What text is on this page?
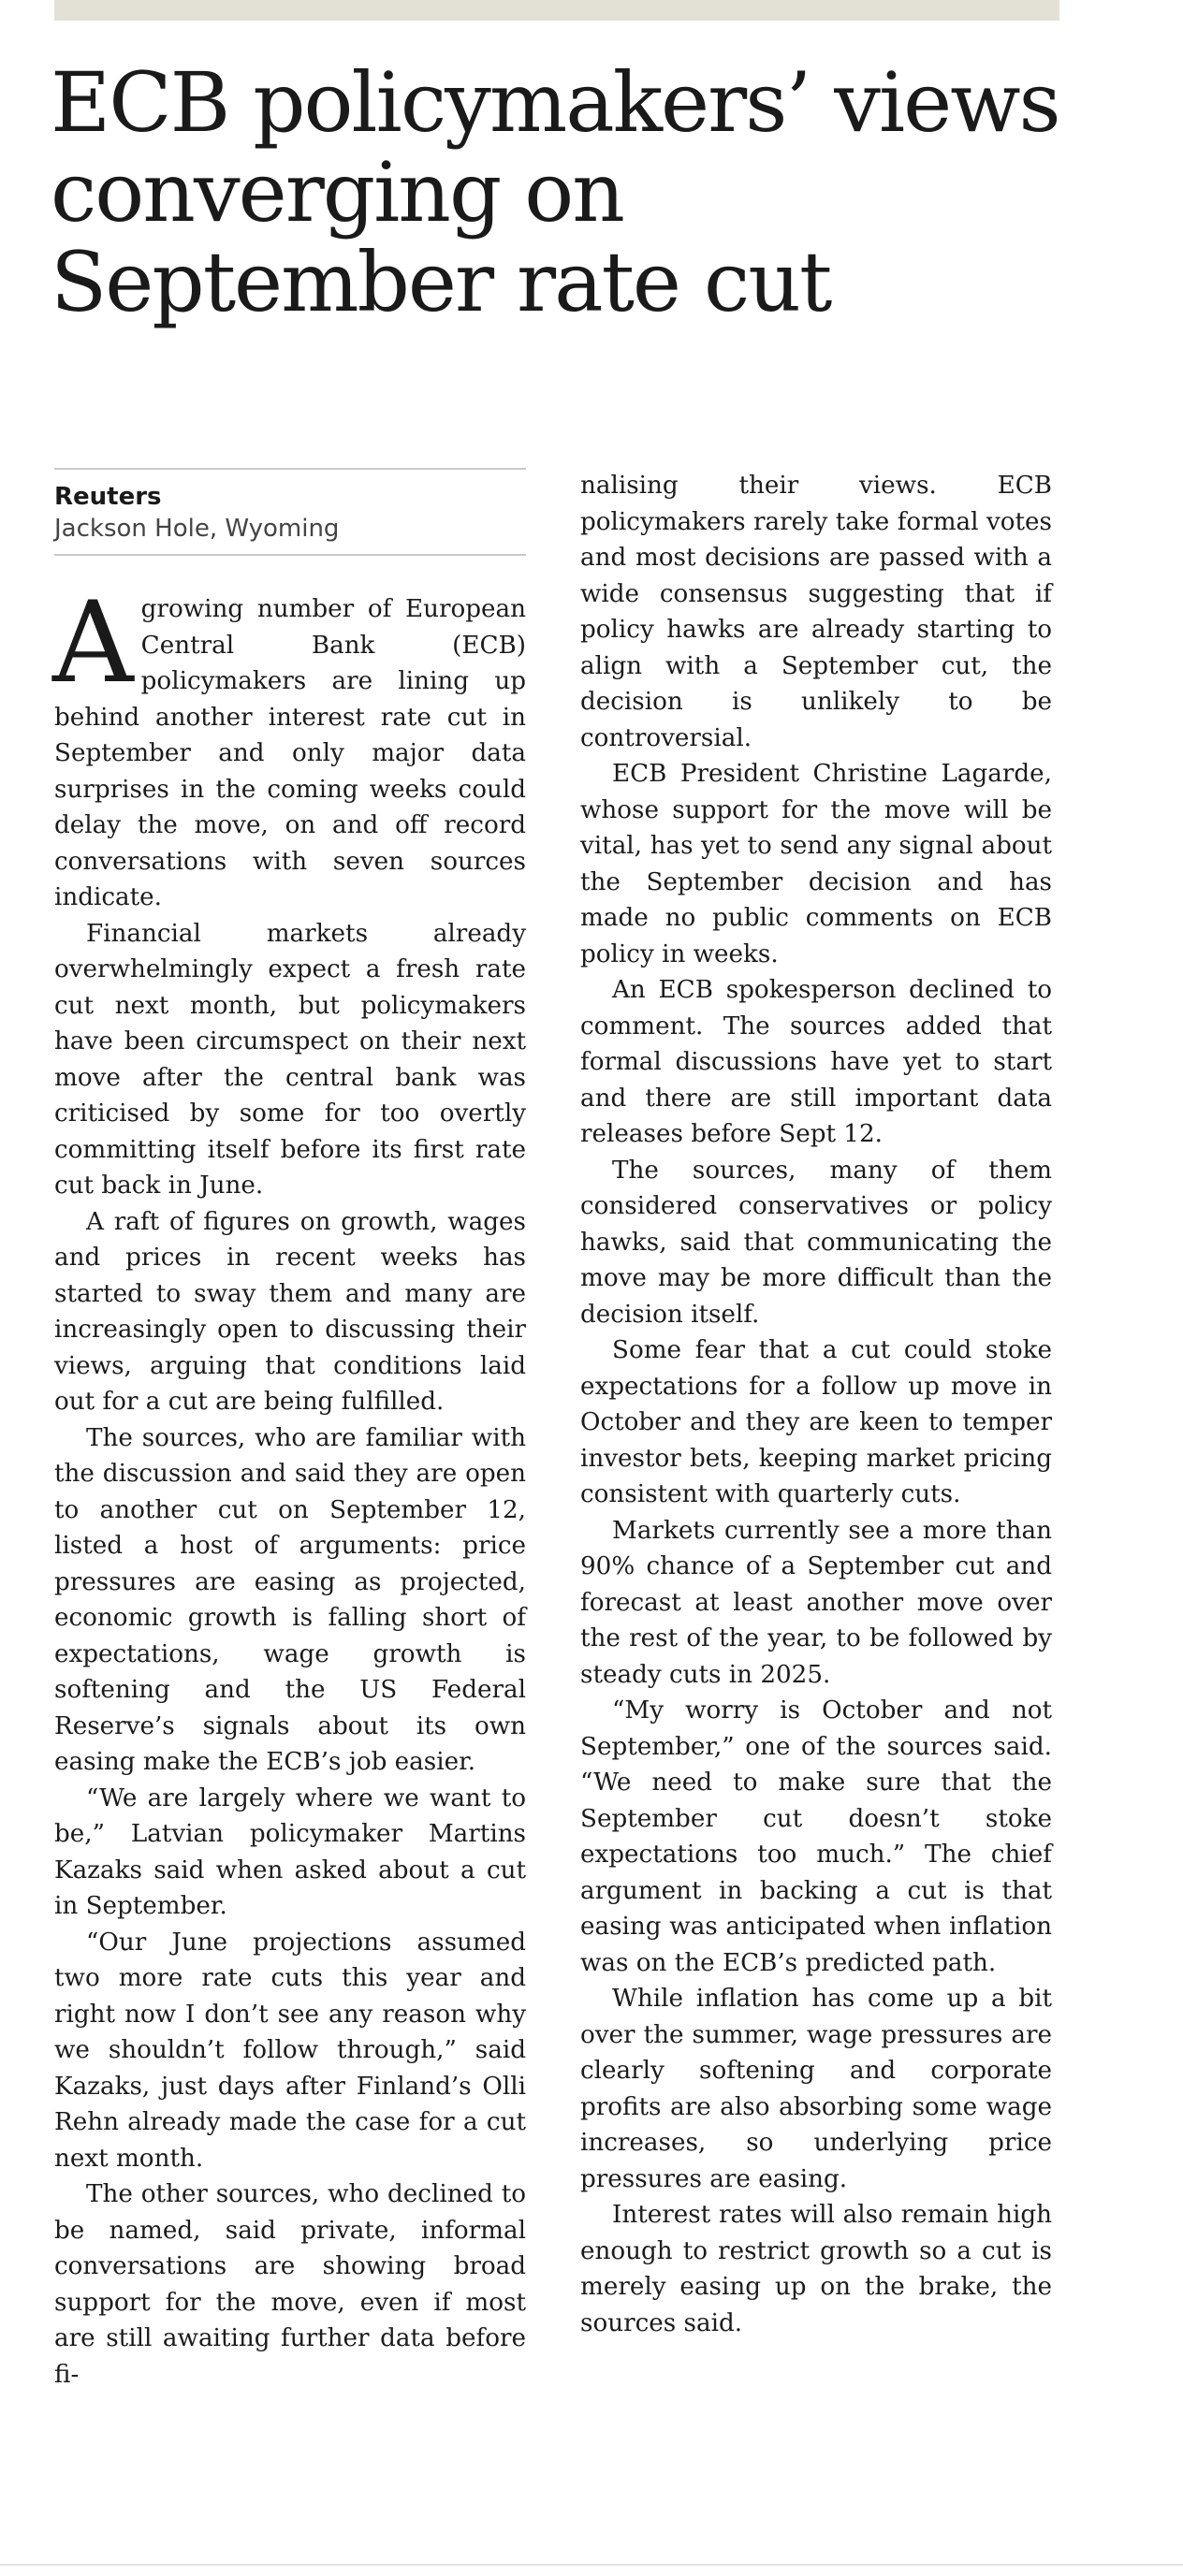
ECB policymakers’ views converging on September rate cut
Reuters
Jackson Hole, Wyoming

Agrowing number of European Central Bank (ECB) policymakers are lining up behind another interest rate cut in September and only major data surprises in the coming weeks could delay the move, on and off record conversations with seven sources indicate.

Financial markets already overwhelmingly expect a fresh rate cut next month, but policymakers have been circumspect on their next move after the central bank was criticised by some for too overtly committing itself before its first rate cut back in June.

A raft of figures on growth, wages and prices in recent weeks has started to sway them and many are increasingly open to discussing their views, arguing that conditions laid out for a cut are being fulfilled.

The sources, who are familiar with the discussion and said they are open to another cut on September 12, listed a host of arguments: price pressures are easing as projected, economic growth is falling short of expectations, wage growth is softening and the US Federal Reserve’s signals about its own easing make the ECB’s job easier.

“We are largely where we want to be,” Latvian policymaker Martins Kazaks said when asked about a cut in September.

“Our June projections assumed two more rate cuts this year and right now I don’t see any reason why we shouldn’t follow through,” said Kazaks, just days after Finland’s Olli Rehn already made the case for a cut next month.

The other sources, who declined to be named, said private, informal conversations are showing broad support for the move, even if most are still awaiting further data before fi-

nalising their views. ECB policymakers rarely take formal votes and most decisions are passed with a wide consensus suggesting that if policy hawks are already starting to align with a September cut, the decision is unlikely to be controversial.

ECB President Christine Lagarde, whose support for the move will be vital, has yet to send any signal about the September decision and has made no public comments on ECB policy in weeks.

An ECB spokesperson declined to comment. The sources added that formal discussions have yet to start and there are still important data releases before Sept 12.

The sources, many of them considered conservatives or policy hawks, said that communicating the move may be more difficult than the decision itself.

Some fear that a cut could stoke expectations for a follow up move in October and they are keen to temper investor bets, keeping market pricing consistent with quarterly cuts.

Markets currently see a more than 90% chance of a September cut and forecast at least another move over the rest of the year, to be followed by steady cuts in 2025.

“My worry is October and not September,” one of the sources said. “We need to make sure that the September cut doesn’t stoke expectations too much.” The chief argument in backing a cut is that easing was anticipated when inflation was on the ECB’s predicted path.

While inflation has come up a bit over the summer, wage pressures are clearly softening and corporate profits are also absorbing some wage increases, so underlying price pressures are easing.

Interest rates will also remain high enough to restrict growth so a cut is merely easing up on the brake, the sources said.
